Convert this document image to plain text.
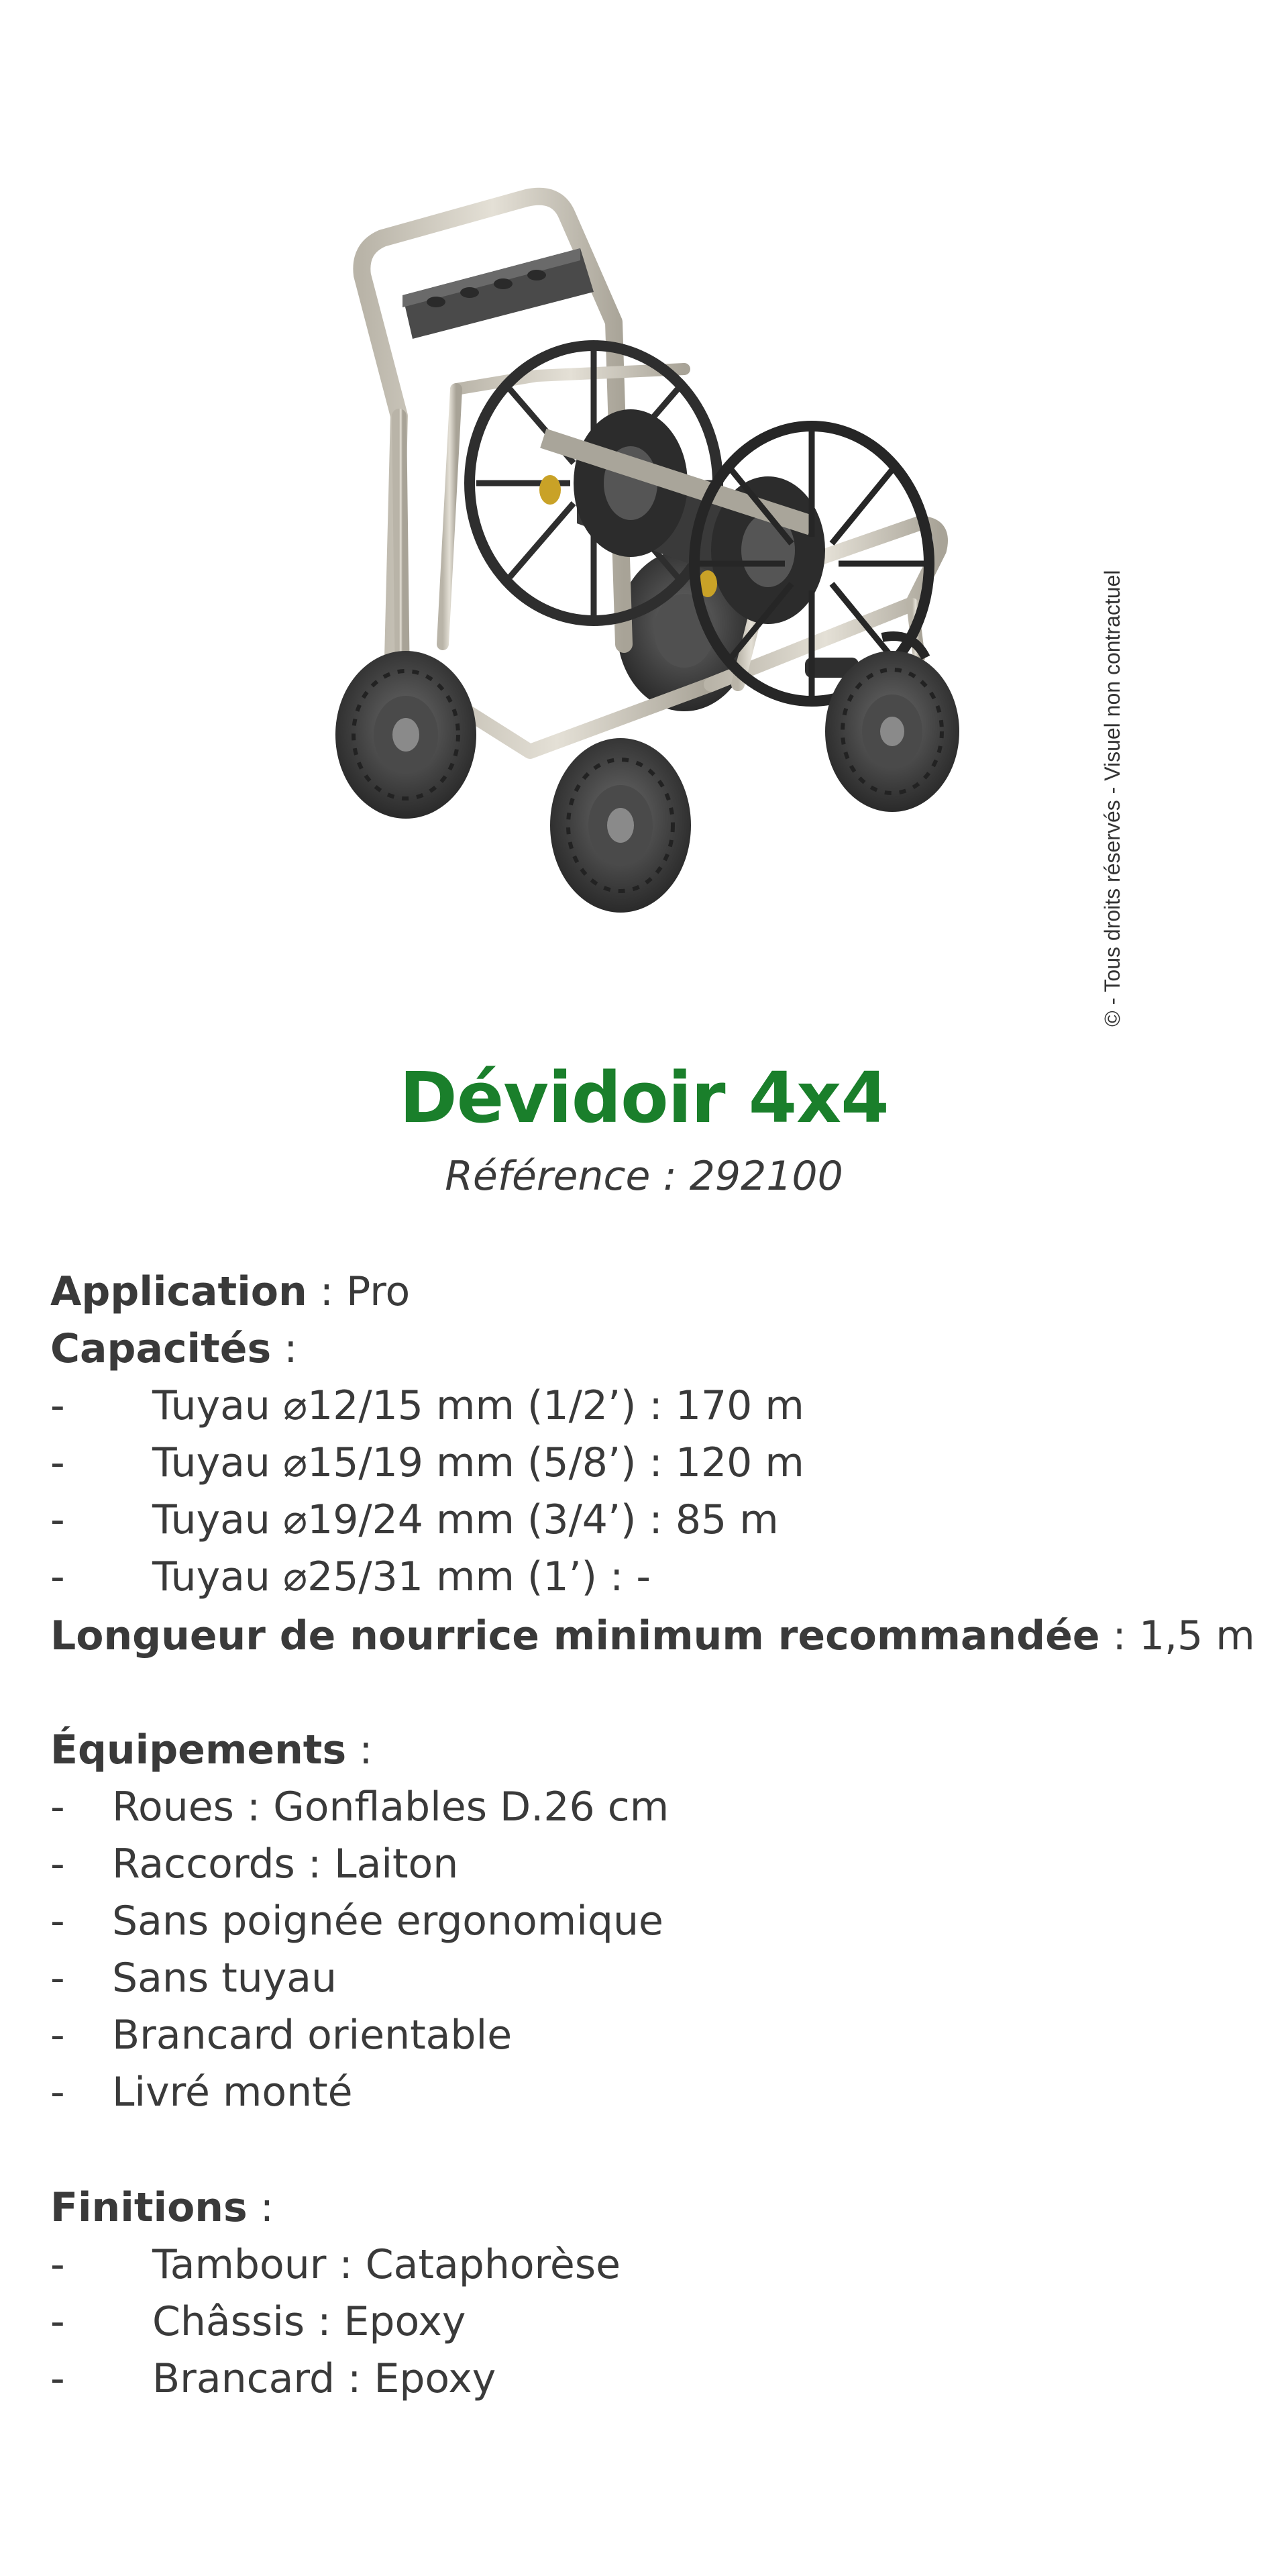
© - Tous droits réservés - Visuel non contractuel
Dévidoir 4x4
Référence : 292100
Application : Pro
Capacités :
- Tuyau ⌀12/15 mm (1/2’) : 170 m
- Tuyau ⌀15/19 mm (5/8’) : 120 m
- Tuyau ⌀19/24 mm (3/4’) : 85 m
- Tuyau ⌀25/31 mm (1’) : -
Longueur de nourrice minimum recommandée : 1,5 m
Équipements :
- Roues : Gonflables D.26 cm
- Raccords : Laiton
- Sans poignée ergonomique
- Sans tuyau
- Brancard orientable
- Livré monté
Finitions :
- Tambour : Cataphorèse
- Châssis : Epoxy
- Brancard : Epoxy
